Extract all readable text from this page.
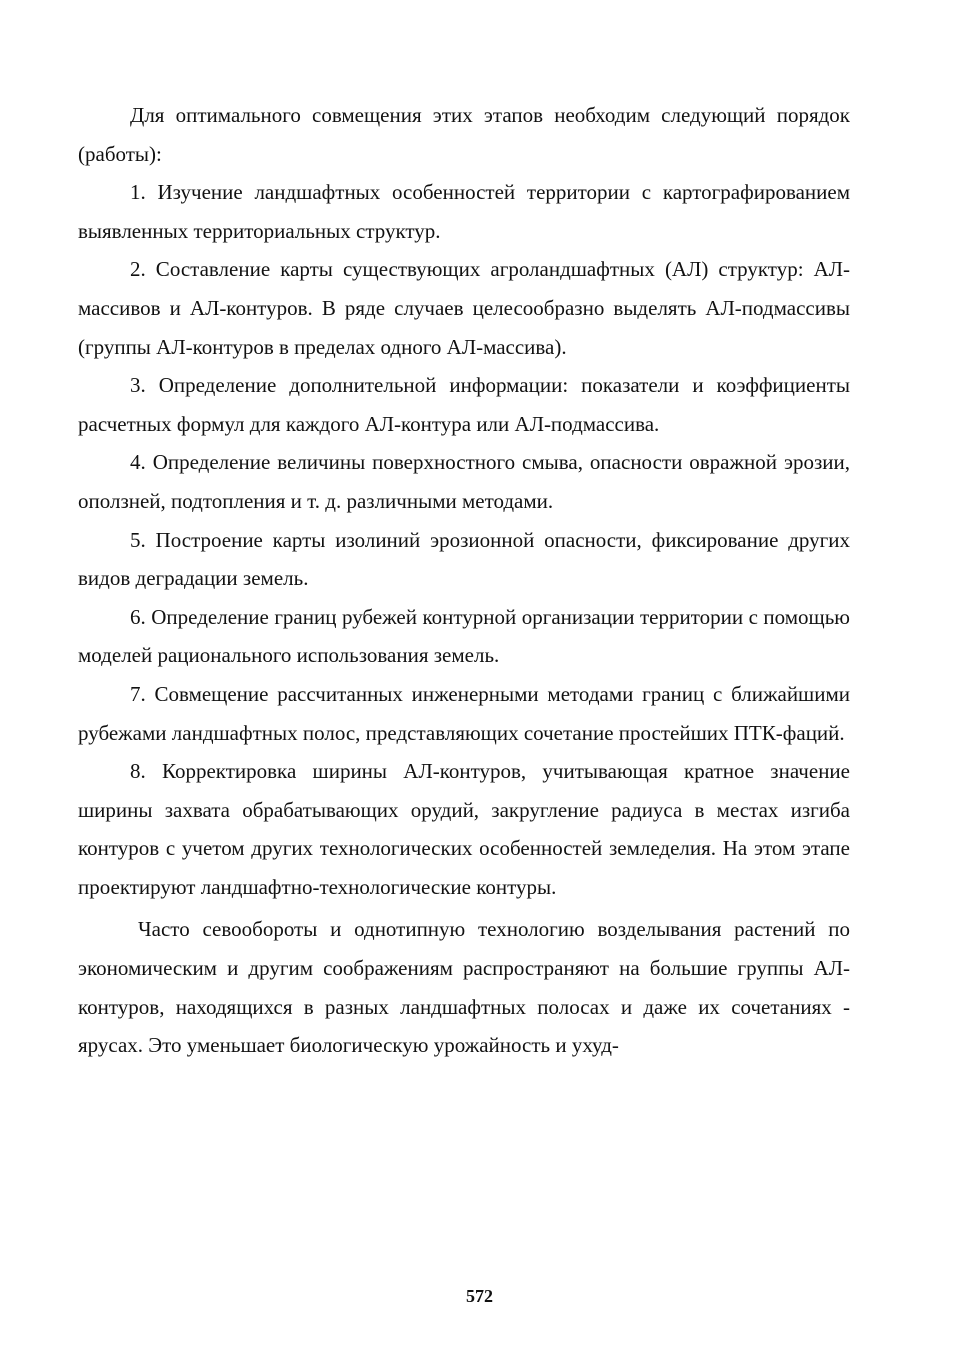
Для оптимального совмещения этих этапов необходим следующий порядок (работы):

1. Изучение ландшафтных особенностей территории с картографированием выявленных территориальных структур.

2. Составление карты существующих агроландшафтных (АЛ) структур: АЛ-массивов и АЛ-контуров. В ряде случаев целесообразно выделять АЛ-подмассивы (группы АЛ-контуров в пределах одного АЛ-массива).

3. Определение дополнительной информации: показатели и коэффициенты расчетных формул для каждого АЛ-контура или АЛ-подмассива.

4. Определение величины поверхностного смыва, опасности овражной эрозии, оползней, подтопления и т. д. различными методами.

5. Построение карты изолиний эрозионной опасности, фиксирование других видов деградации земель.

6. Определение границ рубежей контурной организации территории с помощью моделей рационального использования земель.

7. Совмещение рассчитанных инженерными методами границ с ближайшими рубежами ландшафтных полос, представляющих сочетание простейших ПТК-фаций.

8. Корректировка ширины АЛ-контуров, учитывающая кратное значение ширины захвата обрабатывающих орудий, закругление радиуса в местах изгиба контуров с учетом других технологических особенностей земледелия. На этом этапе проектируют ландшафтно-технологические контуры.

Часто севообороты и однотипную технологию возделывания растений по экономическим и другим соображениям распространяют на большие группы АЛ-контуров, находящихся в разных ландшафтных полосах и даже их сочетаниях - ярусах. Это уменьшает биологическую урожайность и ухуд-

572
